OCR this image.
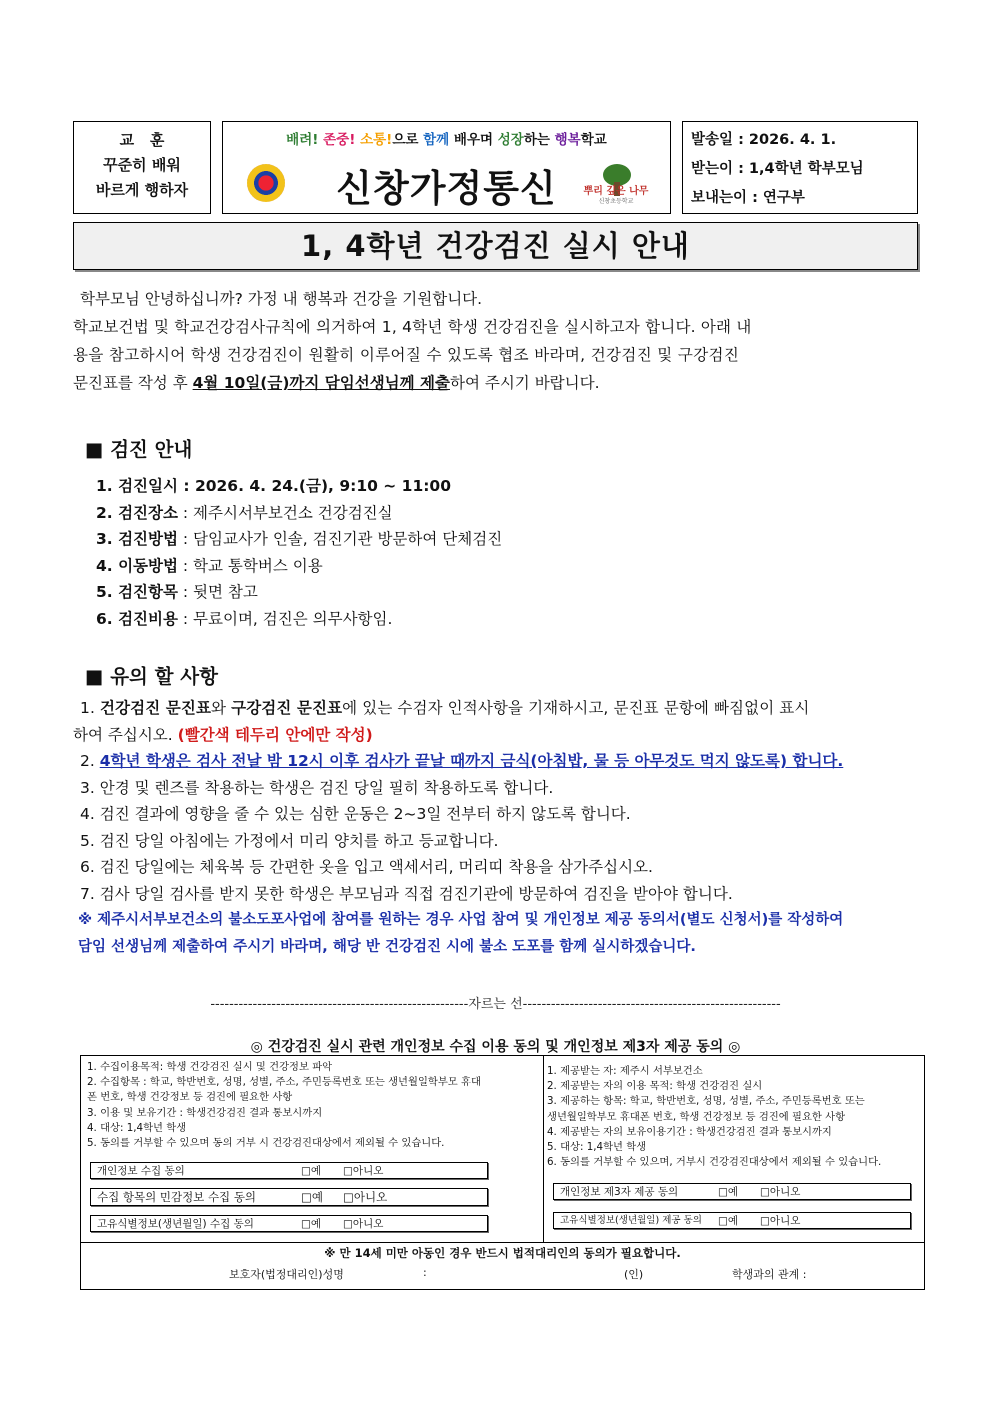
교   훈
꾸준히 배워
바르게 행하자
배려! 존중! 소통!으로 함께 배우며 성장하는 행복학교
신창가정통신	뿌리 깊은 나무
신창초등학교
발송일 : 2026. 4. 1.
받는이 : 1,4학년 학부모님
보내는이 : 연구부
1, 4학년 건강검진 실시 안내
학부모님 안녕하십니까? 가정 내 행복과 건강을 기원합니다.
학교보건법 및 학교건강검사규칙에 의거하여 1, 4학년 학생 건강검진을 실시하고자 합니다. 아래 내
용을 참고하시어 학생 건강검진이 원활히 이루어질 수 있도록 협조 바라며, 건강검진 및 구강검진
문진표를 작성 후 4월 10일(금)까지 담임선생님께 제출하여 주시기 바랍니다.
■ 검진 안내
1. 검진일시 : 2026. 4. 24.(금), 9:10 ~ 11:00
2. 검진장소 : 제주시서부보건소 건강검진실
3. 검진방법 : 담임교사가 인솔, 검진기관 방문하여 단체검진
4. 이동방법 : 학교 통학버스 이용
5. 검진항목 : 뒷면 참고
6. 검진비용 : 무료이며, 검진은 의무사항임.
■ 유의 할 사항
1. 건강검진 문진표와 구강검진 문진표에 있는 수검자 인적사항을 기재하시고, 문진표 문항에 빠짐없이 표시
하여 주십시오. (빨간색 테두리 안에만 작성)
2. 4학년 학생은 검사 전날 밤 12시 이후 검사가 끝날 때까지 금식(아침밥, 물 등 아무것도 먹지 않도록) 합니다.
3. 안경 및 렌즈를 착용하는 학생은 검진 당일 필히 착용하도록 합니다.
4. 검진 결과에 영향을 줄 수 있는 심한 운동은 2~3일 전부터 하지 않도록 합니다.
5. 검진 당일 아침에는 가정에서 미리 양치를 하고 등교합니다.
6. 검진 당일에는 체육복 등 간편한 옷을 입고 액세서리, 머리띠 착용을 삼가주십시오.
7. 검사 당일 검사를 받지 못한 학생은 부모님과 직접 검진기관에 방문하여 검진을 받아야 합니다.
※ 제주시서부보건소의 불소도포사업에 참여를 원하는 경우 사업 참여 및 개인정보 제공 동의서(별도 신청서)를 작성하여
담임 선생님께 제출하여 주시기 바라며, 해당 반 건강검진 시에 불소 도포를 함께 실시하겠습니다.
-------------------------------------------------------자르는 선-------------------------------------------------------
◎ 건강검진 실시 관련 개인정보 수집 이용 동의 및 개인정보 제3자 제공 동의 ◎
1. 수집이용목적: 학생 건강검진 실시 및 건강정보 파악
2. 수집항목 : 학교, 학반번호, 성명, 성별, 주소, 주민등록번호 또는 생년월일학부모 휴대
폰 번호, 학생 건강정보 등 검진에 필요한 사항
3. 이용 및 보유기간 : 학생건강검진 결과 통보시까지
4. 대상: 1,4학년 학생
5. 동의를 거부할 수 있으며 동의 거부 시 건강검진대상에서 제외될 수 있습니다.
1. 제공받는 자: 제주시 서부보건소
2. 제공받는 자의 이용 목적: 학생 건강검진 실시
3. 제공하는 항목: 학교, 학반번호, 성명, 성별, 주소, 주민등록번호 또는
생년월일학부모 휴대폰 번호, 학생 건강정보 등 검진에 필요한 사항
4. 제공받는 자의 보유이용기간 : 학생건강검진 결과 통보시까지
5. 대상: 1,4학년 학생
6. 동의를 거부할 수 있으며, 거부시 건강검진대상에서 제외될 수 있습니다.
개인정보 수집 동의	□예 □아니오
수집 항목의 민감정보 수집 동의	□예 □아니오
고유식별정보(생년월일) 수집 동의	□예 □아니오
개인정보 제3자 제공 동의	□예 □아니오
고유식별정보(생년월일) 제공 동의 □예 □아니오
※ 만 14세 미만 아동인 경우 반드시 법적대리인의 동의가 필요합니다.
보호자(법정대리인)성명	:	(인)	학생과의 관계 :
